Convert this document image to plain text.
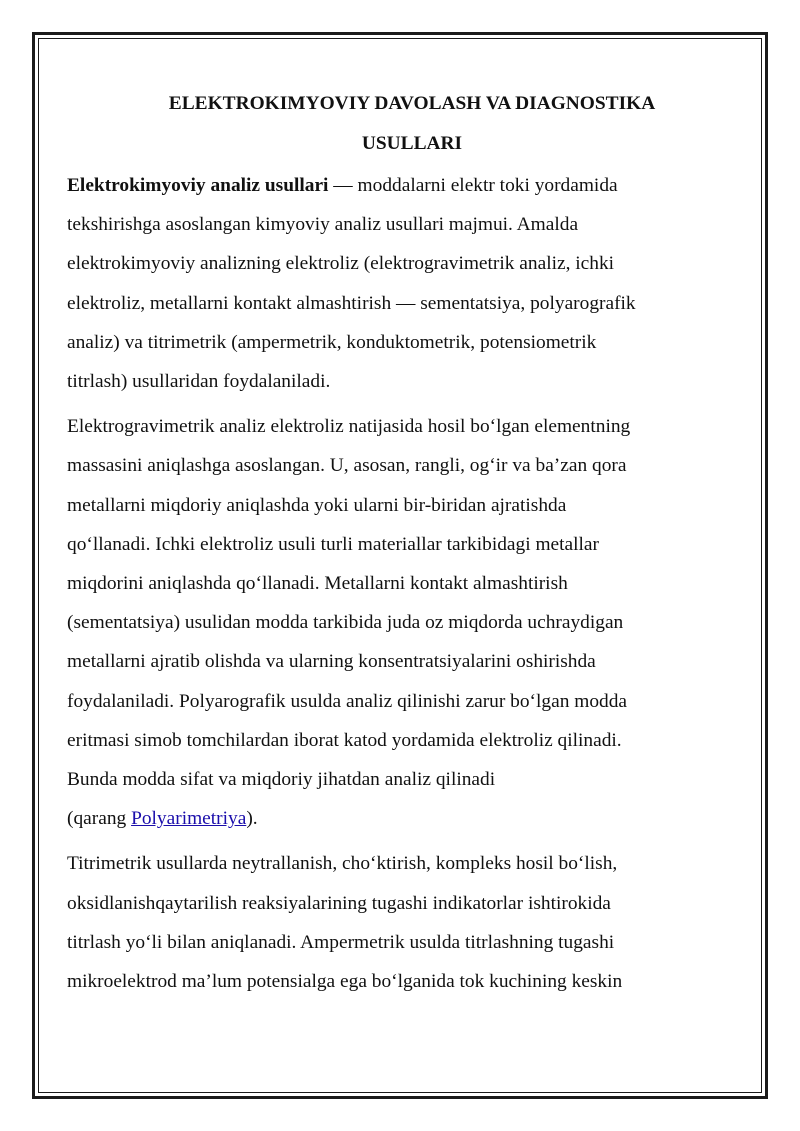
ELEKTROKIMYOVIY DAVOLASH VA DIAGNOSTIKA
USULLARI

Elektrokimyoviy analiz usullari — moddalarni elektr toki yordamida
tekshirishga asoslangan kimyoviy analiz usullari majmui. Amalda
elektrokimyoviy analizning elektroliz (elektrogravimetrik analiz, ichki
elektroliz, metallarni kontakt almashtirish — sementatsiya, polyarografik
analiz) va titrimetrik (ampermetrik, konduktometrik, potensiometrik
titrlash) usullaridan foydalaniladi.

Elektrogravimetrik analiz elektroliz natijasida hosil bo‘lgan elementning
massasini aniqlashga asoslangan. U, asosan, rangli, og‘ir va ba’zan qora
metallarni miqdoriy aniqlashda yoki ularni bir-biridan ajratishda
qo‘llanadi. Ichki elektroliz usuli turli materiallar tarkibidagi metallar
miqdorini aniqlashda qo‘llanadi. Metallarni kontakt almashtirish
(sementatsiya) usulidan modda tarkibida juda oz miqdorda uchraydigan
metallarni ajratib olishda va ularning konsentratsiyalarini oshirishda
foydalaniladi. Polyarografik usulda analiz qilinishi zarur bo‘lgan modda
eritmasi simob tomchilardan iborat katod yordamida elektroliz qilinadi.
Bunda modda sifat va miqdoriy jihatdan analiz qilinadi
(qarang Polyarimetriya).

Titrimetrik usullarda neytrallanish, cho‘ktirish, kompleks hosil bo‘lish,
oksidlanishqaytarilish reaksiyalarining tugashi indikatorlar ishtirokida
titrlash yo‘li bilan aniqlanadi. Ampermetrik usulda titrlashning tugashi
mikroelektrod ma’lum potensialga ega bo‘lganida tok kuchining keskin
